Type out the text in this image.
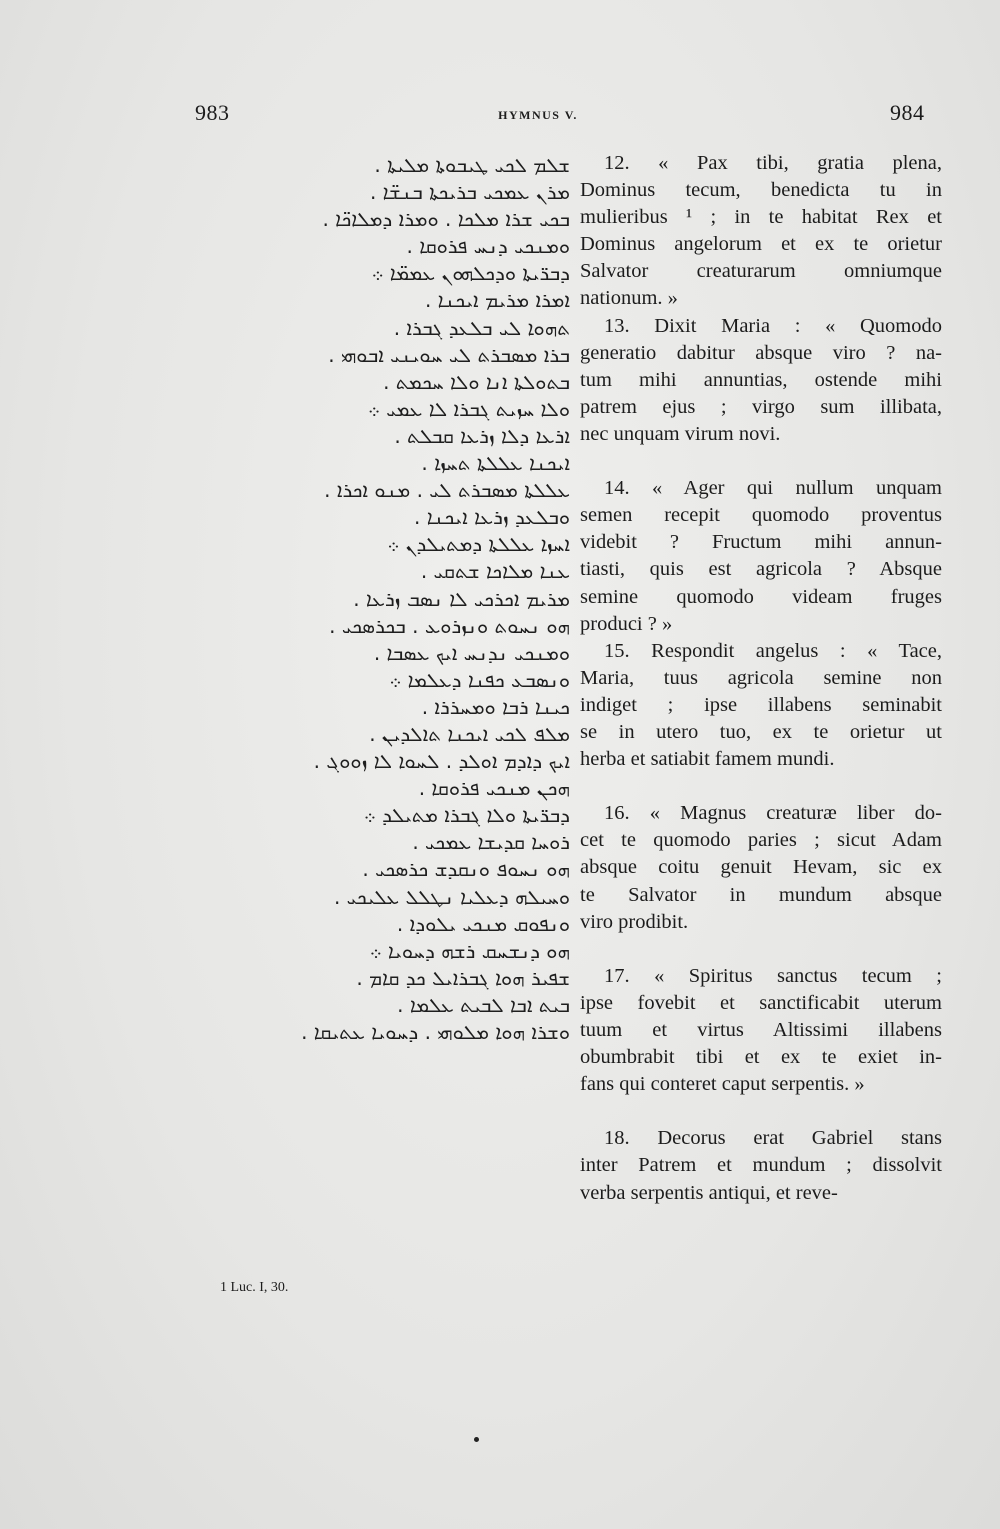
983	HYMNUS V.	984
ܫܠܡ ܠܟܝ ܛܝܒܘܬܐ ܡܠܝܬܐ .
ܡܪܢ ܥܡܟܝ ܒܪܝܟܬܐ ܒܢܫ̈ܐ .
ܒܟܝ ܫܪܐ ܡܠܟܐ . ܘܡܪܐ ܕܡܠܐܟ̈ܐ .
ܘܡܢܟܝ ܕܢܚ ܦܪܘܩܐ .
ܕܒܪ̈ܝܬܐ ܘܕܟܠܗܘܢ ܥܡܡ̈ܐ ܀
ܐܡܪܐ ܡܪܝܡ ܐܝܟܢܐ .
ܬܗܘܐ ܠܝ ܒܠܥܕ ܓܒܪܐ .
ܒܪܐ ܡܣܒܪܬ ܠܝ ܚܘܝܢܝ ܐܒܘܗܝ .
ܒܬܘܠܬܐ ܐܢܐ ܘܠܐ ܚܟܡܬ .
ܘܠܐ ܚܙܝܬ ܓܒܪܐ ܠܐ ܥܡܝ ܀
ܐܪܥܐ ܕܠܐ ܙܪܥܐ ܩܒܠܬ .
ܐܝܟܢܐ ܥܠܠܬܐ ܬܚܙܐ .
ܥܠܠܬܐ ܡܣܒܪܬ ܠܝ . ܡܢܘ ܐܟܪܐ .
ܘܒܠܥܕ ܙܪܥܐ ܐܝܟܢܐ .
ܐܚܙܐ ܥܠܠܬܐ ܕܡܬܝܠܕܢ ܀
ܥܢܐ ܡܠܐܟܐ ܫܬܩܝ .
ܡܪܝܡ ܐܟܪܟܝ ܠܐ ܢܣܒ ܙܪܥܐ .
ܗܘ ܢܚܘܬ ܘܢܙܪܘܥ . ܒܟܪܣܟܝ .
ܘܡܢܟܝ ܢܕܢܚ ܐܝܟ ܥܣܒܐ .
ܘܢܣܒܥ ܟܦܢܐ ܕܥܠܡܐ ܀
ܟܝܢܐ ܪܒܐ ܘܡܚܪܪܐ .
ܡܠܦ ܠܟܝ ܐܝܟܢܐ ܬܐܠܕܝܢ .
ܐܝܟ ܕܐܕܡ ܐܘܠܕ . ܠܚܘܐ ܠܐ ܙܘܘܓ .
ܗܟܢ ܡܢܟܝ ܦܪܘܩܐ .
ܕܒܪ̈ܝܬܐ ܘܠܐ ܓܒܪܐ ܡܬܝܠܕ ܀
ܪܘܚܐ ܩܕܝܫܐ ܥܡܟܝ .
ܗܘ ܢܚܘܦ ܘܢܩܕܫ ܟܪܣܟܝ .
ܘܚܝܠܗ ܕܥܠܝܐ ܢܛܠܠ ܥܠܝܟܝ .
ܘܢܦܘܩ ܡܢܟܝ ܝܠܘܕܐ .
ܗܘ ܕܢܫܚܩ ܪܫܗ ܕܚܘܝܐ ܀
ܫܦܝܪ ܗܘܐ ܓܒܪܐܝܠ ܟܕ ܩܐܡ .
ܒܝܬ ܐܒܐ ܠܒܝܬ ܥܠܡܐ .
ܘܫܪܐ ܗܘܐ ܡܠܘܗܝ . ܕܚܘܝܐ ܥܬܝܩܐ .
1 Luc. I, 30.
12. « Pax tibi, gratia plena,
Dominus tecum, benedicta tu in
mulieribus ¹ ; in te habitat Rex et
Dominus angelorum et ex te orietur
Salvator creaturarum omniumque
nationum. »
13. Dixit Maria : « Quomodo
generatio dabitur absque viro ? na-
tum mihi annuntias, ostende mihi
patrem ejus ; virgo sum illibata,
nec unquam virum novi.
14. « Ager qui nullum unquam
semen recepit quomodo proventus
videbit ? Fructum mihi annun-
tiasti, quis est agricola ? Absque
semine quomodo videam fruges
produci ? »
15. Respondit angelus : « Tace,
Maria, tuus agricola semine non
indiget ; ipse illabens seminabit
se in utero tuo, ex te orietur ut
herba et satiabit famem mundi.
16. « Magnus creaturæ liber do-
cet te quomodo paries ; sicut Adam
absque coitu genuit Hevam, sic ex
te Salvator in mundum absque
viro prodibit.
17. « Spiritus sanctus tecum ;
ipse fovebit et sanctificabit uterum
tuum et virtus Altissimi illabens
obumbrabit tibi et ex te exiet in-
fans qui conteret caput serpentis. »
18. Decorus erat Gabriel stans
inter Patrem et mundum ; dissolvit
verba serpentis antiqui, et reve-
